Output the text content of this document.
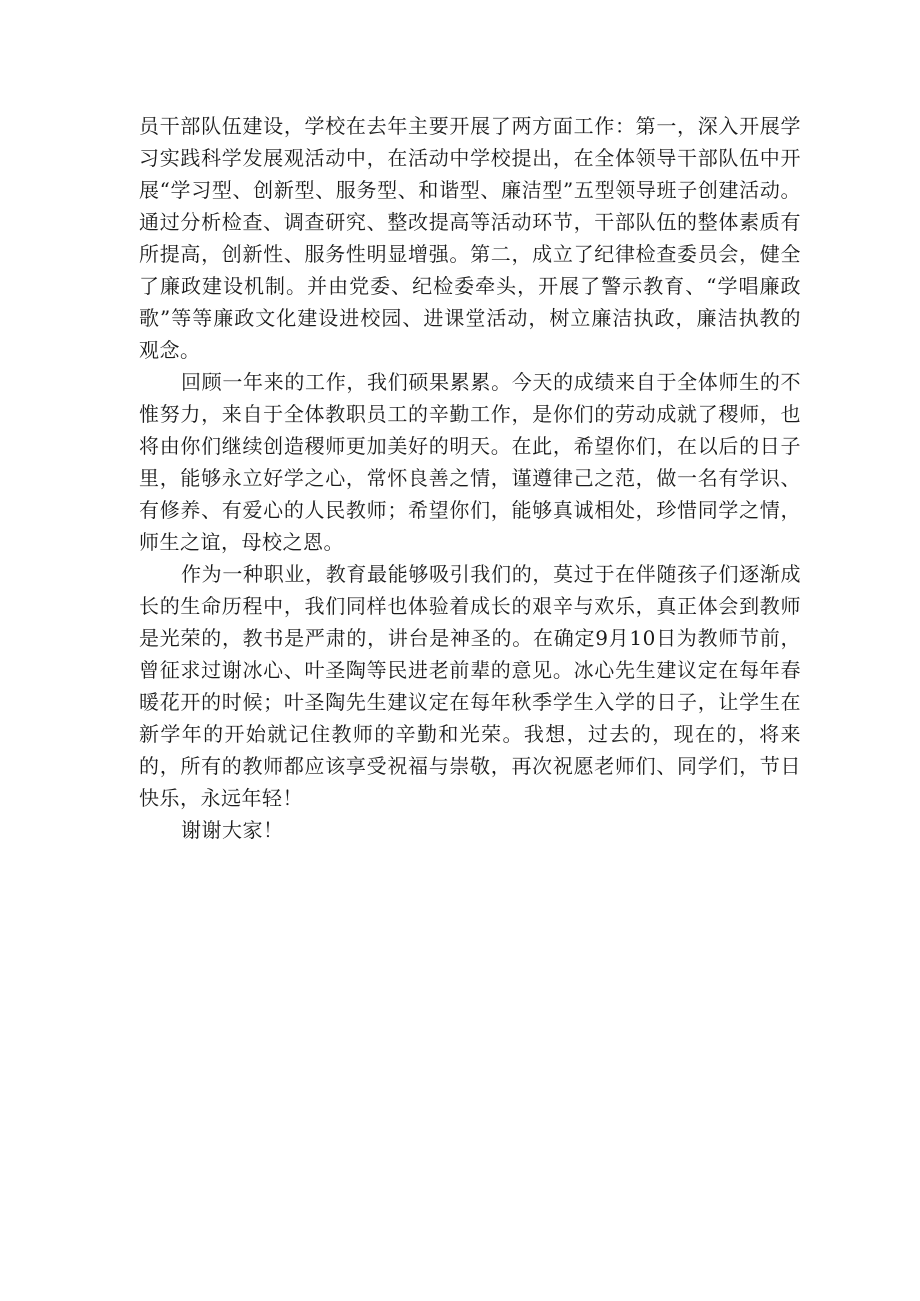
员干部队伍建设，学校在去年主要开展了两方面工作：第一，深入开展学习实践科学发展观活动中，在活动中学校提出，在全体领导干部队伍中开展“学习型、创新型、服务型、和谐型、廉洁型”五型领导班子创建活动。通过分析检查、调查研究、整改提高等活动环节，干部队伍的整体素质有所提高，创新性、服务性明显增强。第二，成立了纪律检查委员会，健全了廉政建设机制。并由党委、纪检委牵头，开展了警示教育、“学唱廉政歌”等等廉政文化建设进校园、进课堂活动，树立廉洁执政，廉洁执教的观念。

回顾一年来的工作，我们硕果累累。今天的成绩来自于全体师生的不惟努力，来自于全体教职员工的辛勤工作，是你们的劳动成就了稷师，也将由你们继续创造稷师更加美好的明天。在此，希望你们，在以后的日子里，能够永立好学之心，常怀良善之情，谨遵律己之范，做一名有学识、有修养、有爱心的人民教师；希望你们，能够真诚相处，珍惜同学之情，师生之谊，母校之恩。

作为一种职业，教育最能够吸引我们的，莫过于在伴随孩子们逐渐成长的生命历程中，我们同样也体验着成长的艰辛与欢乐，真正体会到教师是光荣的，教书是严肃的，讲台是神圣的。在确定9月10日为教师节前，曾征求过谢冰心、叶圣陶等民进老前辈的意见。冰心先生建议定在每年春暖花开的时候；叶圣陶先生建议定在每年秋季学生入学的日子，让学生在新学年的开始就记住教师的辛勤和光荣。我想，过去的，现在的，将来的，所有的教师都应该享受祝福与崇敬，再次祝愿老师们、同学们，节日快乐，永远年轻！

谢谢大家！
